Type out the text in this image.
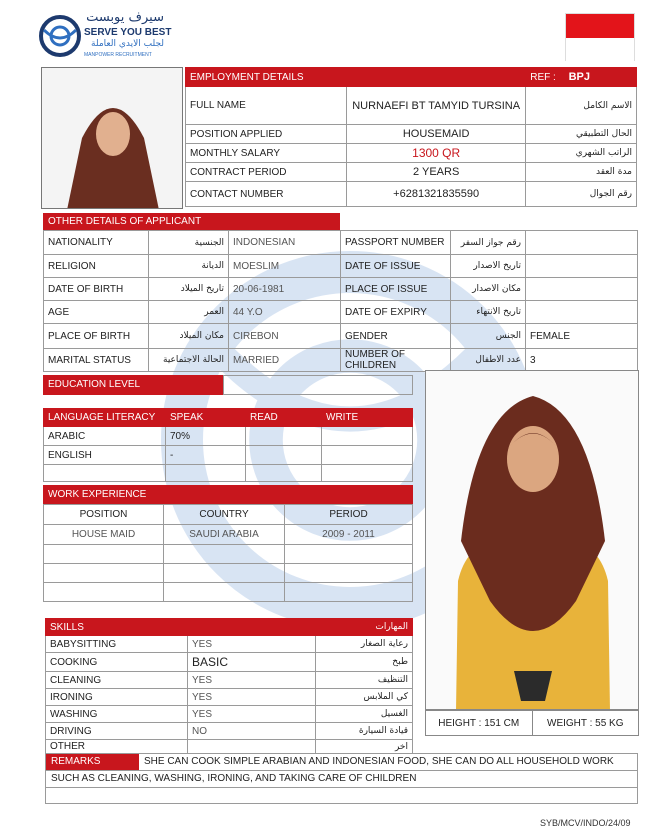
سيرف يوبست
SERVE YOU BEST
لجلب الايدي العاملة
MANPOWER RECRUITMENT
EMPLOYMENT DETAILS		REF : BPJ
FULL NAME	NURNAEFI BT TAMYID TURSINA	الاسم الكامل
POSITION APPLIED	HOUSEMAID	الحال التطبيقي
MONTHLY SALARY	1300 QR	الراتب الشهري
CONTRACT PERIOD	2 YEARS	مدة العقد
CONTACT NUMBER	+6281321835590	رقم الجوال
OTHER DETAILS OF APPLICANT
NATIONALITY	الجنسية	INDONESIAN	PASSPORT NUMBER	رقم جواز السفر	
RELIGION	الديانة	MOESLIM	DATE OF ISSUE	تاريخ الاصدار	
DATE OF BIRTH	تاريخ الميلاد	20-06-1981	PLACE OF ISSUE	مكان الاصدار	
AGE	العمر	44 Y.O	DATE OF EXPIRY	تاريخ الانتهاء	
PLACE OF BIRTH	مكان الميلاد	CIREBON	GENDER	الجنس	FEMALE
MARITAL STATUS	الحالة الاجتماعية	MARRIED	NUMBER OF CHILDREN	عدد الاطفال	3
EDUCATION LEVEL
LANGUAGE LITERACY	SPEAK	READ	WRITE
ARABIC	70%		
ENGLISH	-		

WORK EXPERIENCE
POSITION	COUNTRY	PERIOD
HOUSE MAID	SAUDI ARABIA	2009 - 2011

SKILLS		المهارات
BABYSITTING	YES	رعاية الصغار
COOKING	BASIC	طبخ
CLEANING	YES	التنظيف
IRONING	YES	كي الملابس
WASHING	YES	الغسيل
DRIVING	NO	قيادة السيارة
OTHER		اخر
HEIGHT : 151 CM	WEIGHT : 55 KG
REMARKS	SHE CAN COOK SIMPLE ARABIAN AND INDONESIAN FOOD, SHE CAN DO ALL HOUSEHOLD WORK
SUCH AS CLEANING, WASHING, IRONING, AND TAKING CARE OF CHILDREN
SYB/MCV/INDO/24/09
